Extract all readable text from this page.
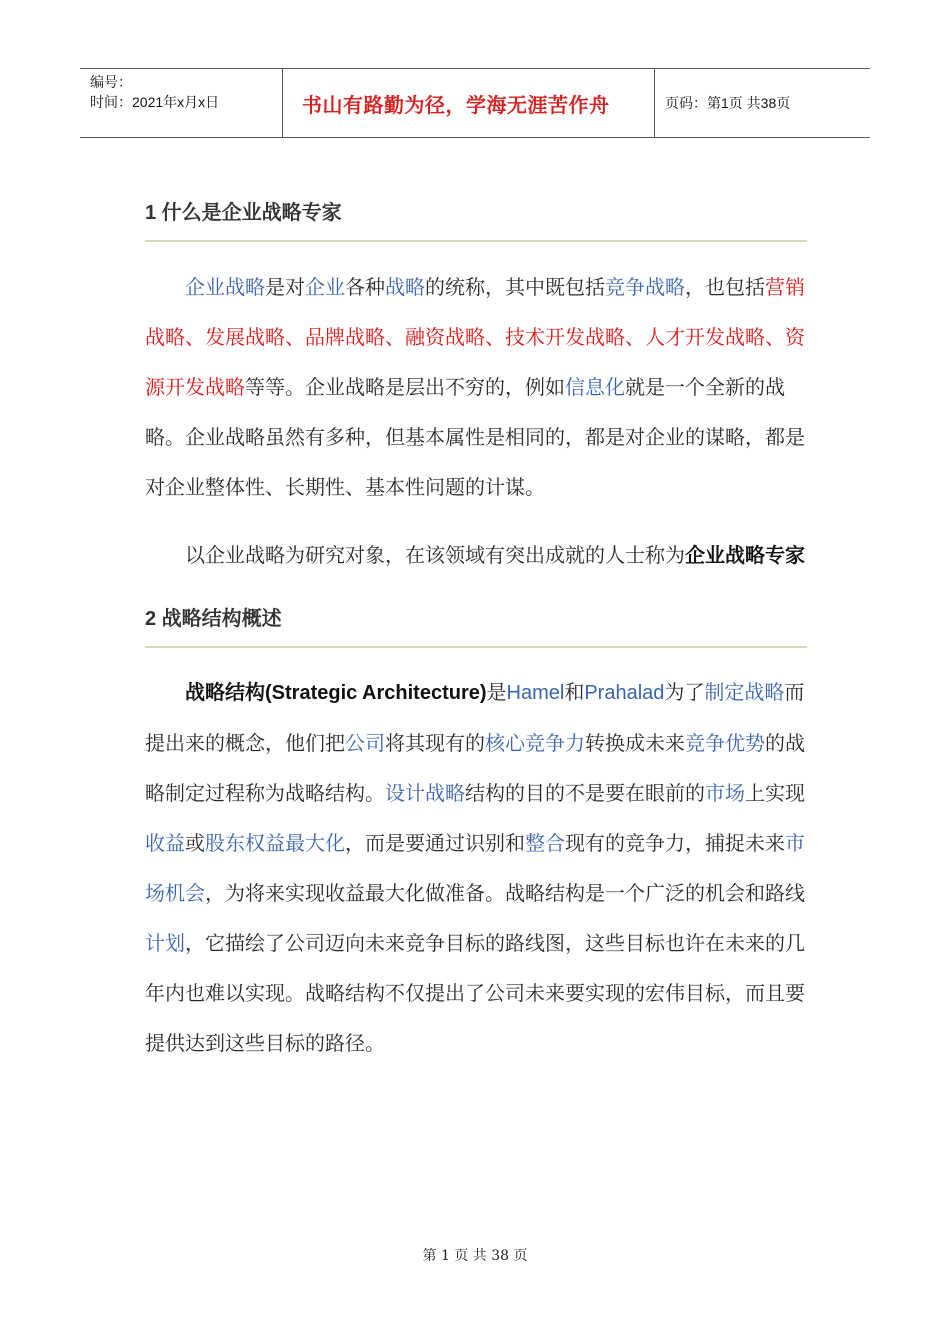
编号：
时间：2021年x月x日	书山有路勤为径，学海无涯苦作舟	页码：第1页 共38页
1 什么是企业战略专家

企业战略是对企业各种战略的统称，其中既包括竞争战略，也包括营销战略、发展战略、品牌战略、融资战略、技术开发战略、人才开发战略、资源开发战略等等。企业战略是层出不穷的，例如信息化就是一个全新的战略。企业战略虽然有多种，但基本属性是相同的，都是对企业的谋略，都是对企业整体性、长期性、基本性问题的计谋。

以企业战略为研究对象，在该领域有突出成就的人士称为企业战略专家

2 战略结构概述

战略结构(Strategic Architecture)是Hamel和Prahalad为了制定战略而提出来的概念，他们把公司将其现有的核心竞争力转换成未来竞争优势的战略制定过程称为战略结构。设计战略结构的目的不是要在眼前的市场上实现收益或股东权益最大化，而是要通过识别和整合现有的竞争力，捕捉未来市场机会，为将来实现收益最大化做准备。战略结构是一个广泛的机会和路线计划，它描绘了公司迈向未来竞争目标的路线图，这些目标也许在未来的几年内也难以实现。战略结构不仅提出了公司未来要实现的宏伟目标，而且要提供达到这些目标的路径。

第 1 页 共 38 页
